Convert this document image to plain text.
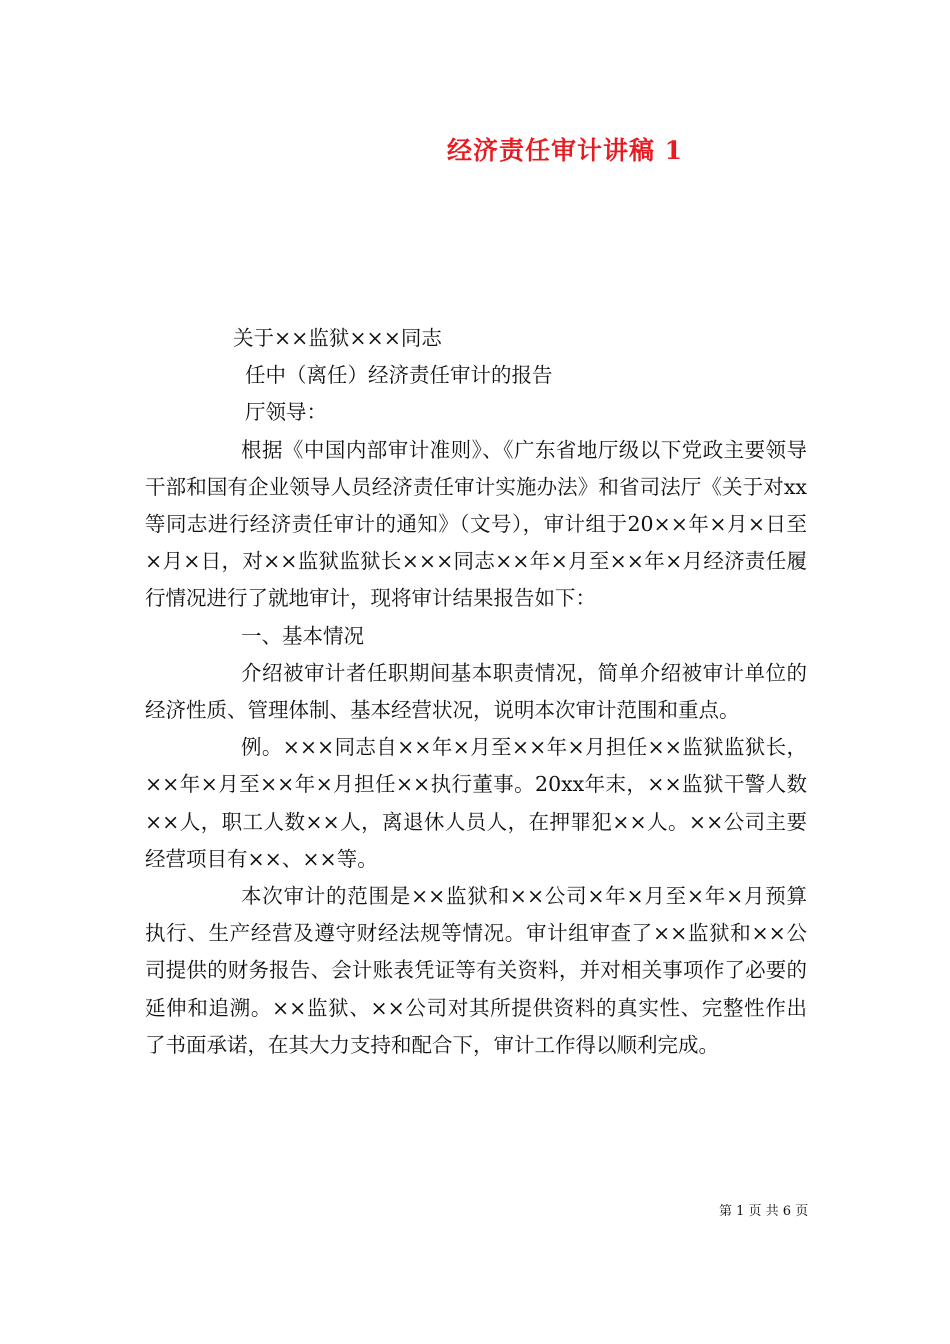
经济责任审计讲稿 1

关于××监狱×××同志

任中（离任）经济责任审计的报告

厅领导：

根据《中国内部审计准则》、《广东省地厅级以下党政主要领导干部和国有企业领导人员经济责任审计实施办法》和省司法厅《关于对xx等同志进行经济责任审计的通知》（文号），审计组于20××年×月×日至×月×日，对××监狱监狱长×××同志××年×月至××年×月经济责任履行情况进行了就地审计，现将审计结果报告如下：

一、基本情况

介绍被审计者任职期间基本职责情况，简单介绍被审计单位的经济性质、管理体制、基本经营状况，说明本次审计范围和重点。

例。×××同志自××年×月至××年×月担任××监狱监狱长，××年×月至××年×月担任××执行董事。20xx年末，××监狱干警人数××人，职工人数××人，离退休人员人，在押罪犯××人。××公司主要经营项目有××、××等。

本次审计的范围是××监狱和××公司×年×月至×年×月预算执行、生产经营及遵守财经法规等情况。审计组审查了××监狱和××公司提供的财务报告、会计账表凭证等有关资料，并对相关事项作了必要的延伸和追溯。××监狱、××公司对其所提供资料的真实性、完整性作出了书面承诺，在其大力支持和配合下，审计工作得以顺利完成。

第 1 页 共 6 页
